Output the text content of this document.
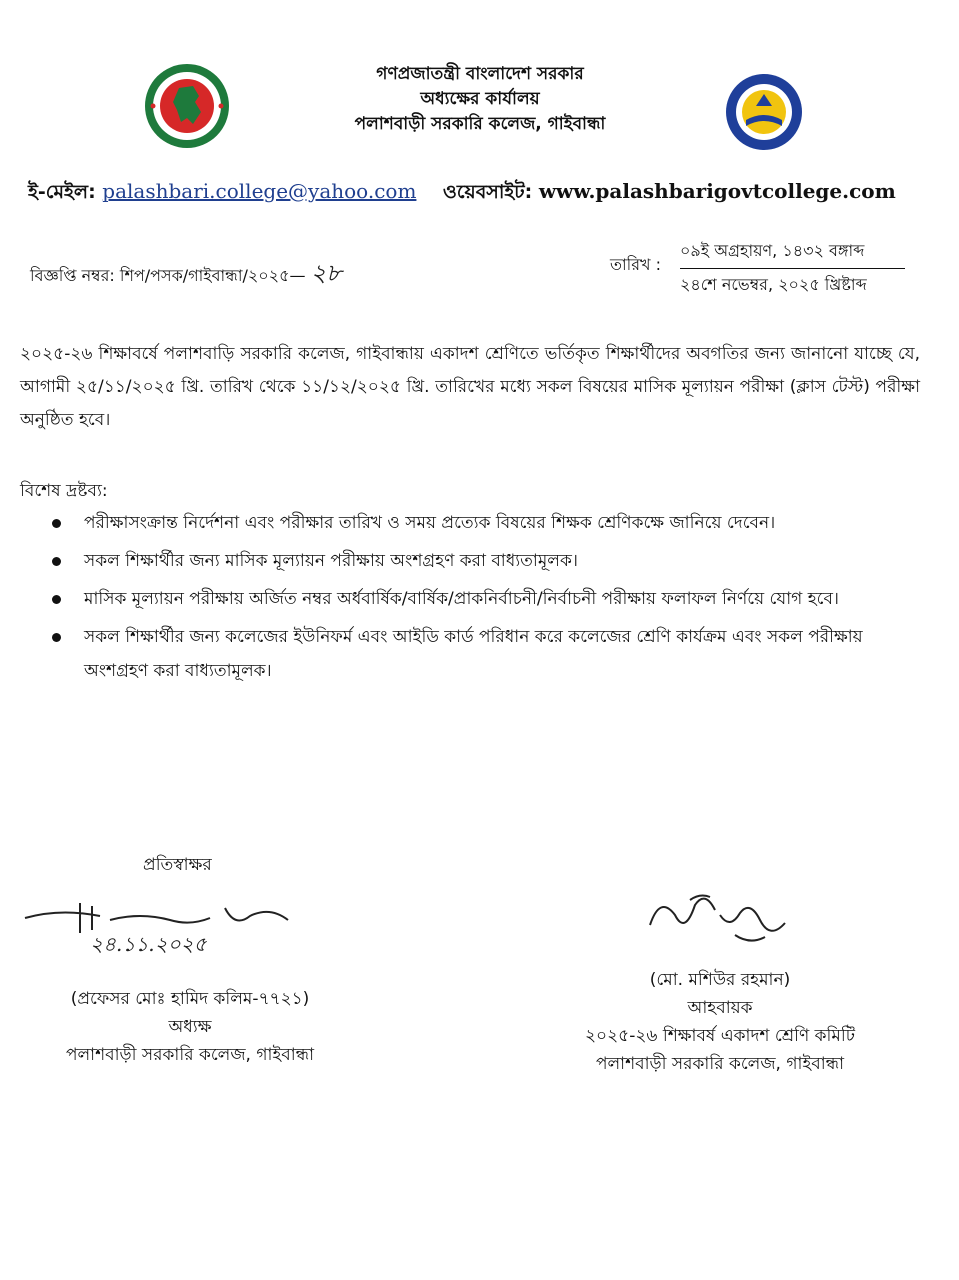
গণপ্রজাতন্ত্রী বাংলাদেশ সরকার
অধ্যক্ষের কার্যালয়
পলাশবাড়ী সরকারি কলেজ, গাইবান্ধা
ই-মেইল: palashbari.college@yahoo.com ওয়েবসাইট: www.palashbarigovtcollege.com
বিজ্ঞপ্তি নম্বর: শিপ/পসক/গাইবান্ধা/২০২৫— ২৮	তারিখ :
০৯ই অগ্রহায়ণ, ১৪৩২ বঙ্গাব্দ
২৪শে নভেম্বর, ২০২৫ খ্রিষ্টাব্দ
২০২৫-২৬ শিক্ষাবর্ষে পলাশবাড়ি সরকারি কলেজ, গাইবান্ধায় একাদশ শ্রেণিতে ভর্তিকৃত শিক্ষার্থীদের অবগতির জন্য জানানো যাচ্ছে যে, আগামী ২৫/১১/২০২৫ খ্রি. তারিখ থেকে ১১/১২/২০২৫ খ্রি. তারিখের মধ্যে সকল বিষয়ের মাসিক মূল্যায়ন পরীক্ষা (ক্লাস টেস্ট) পরীক্ষা অনুষ্ঠিত হবে।
বিশেষ দ্রষ্টব্য:
পরীক্ষাসংক্রান্ত নির্দেশনা এবং পরীক্ষার তারিখ ও সময় প্রত্যেক বিষয়ের শিক্ষক শ্রেণিকক্ষে জানিয়ে দেবেন।
সকল শিক্ষার্থীর জন্য মাসিক মূল্যায়ন পরীক্ষায় অংশগ্রহণ করা বাধ্যতামূলক।
মাসিক মূল্যায়ন পরীক্ষায় অর্জিত নম্বর অর্ধবার্ষিক/বার্ষিক/প্রাকনির্বাচনী/নির্বাচনী পরীক্ষায় ফলাফল নির্ণয়ে যোগ হবে।
সকল শিক্ষার্থীর জন্য কলেজের ইউনিফর্ম এবং আইডি কার্ড পরিধান করে কলেজের শ্রেণি কার্যক্রম এবং সকল পরীক্ষায় অংশগ্রহণ করা বাধ্যতামূলক।
প্রতিস্বাক্ষর
২৪.১১.২০২৫
(প্রফেসর মোঃ হামিদ কলিম-৭৭২১)
অধ্যক্ষ
পলাশবাড়ী সরকারি কলেজ, গাইবান্ধা
(মো. মশিউর রহমান)
আহবায়ক
২০২৫-২৬ শিক্ষাবর্ষ একাদশ শ্রেণি কমিটি
পলাশবাড়ী সরকারি কলেজ, গাইবান্ধা
